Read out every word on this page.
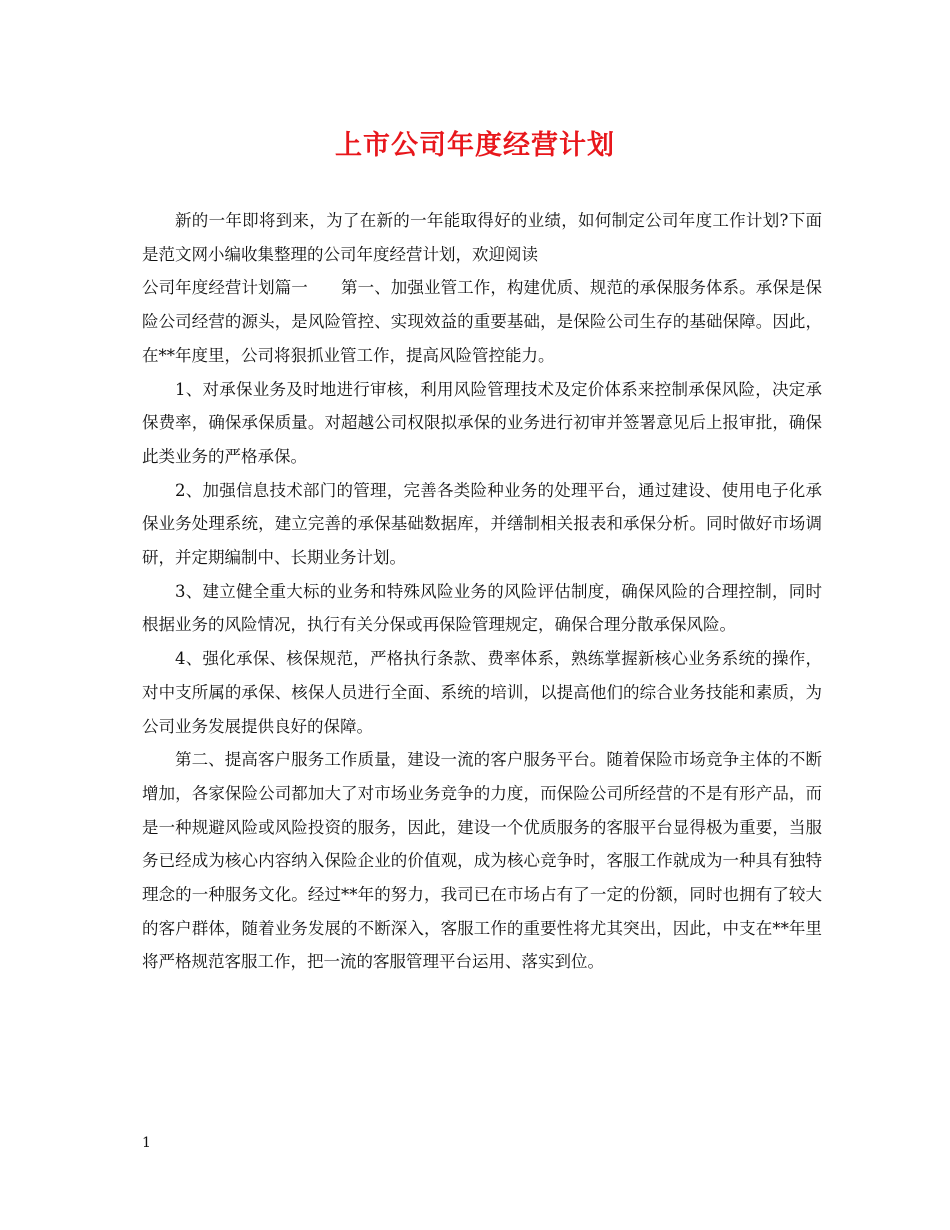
上市公司年度经营计划

新的一年即将到来，为了在新的一年能取得好的业绩，如何制定公司年度工作计划?下面是范文网小编收集整理的公司年度经营计划，欢迎阅读

公司年度经营计划篇一　　第一、加强业管工作，构建优质、规范的承保服务体系。承保是保险公司经营的源头，是风险管控、实现效益的重要基础，是保险公司生存的基础保障。因此，在**年度里，公司将狠抓业管工作，提高风险管控能力。

1、对承保业务及时地进行审核，利用风险管理技术及定价体系来控制承保风险，决定承保费率，确保承保质量。对超越公司权限拟承保的业务进行初审并签署意见后上报审批，确保此类业务的严格承保。

2、加强信息技术部门的管理，完善各类险种业务的处理平台，通过建设、使用电子化承保业务处理系统，建立完善的承保基础数据库，并缮制相关报表和承保分析。同时做好市场调研，并定期编制中、长期业务计划。

3、建立健全重大标的业务和特殊风险业务的风险评估制度，确保风险的合理控制，同时根据业务的风险情况，执行有关分保或再保险管理规定，确保合理分散承保风险。

4、强化承保、核保规范，严格执行条款、费率体系，熟练掌握新核心业务系统的操作，对中支所属的承保、核保人员进行全面、系统的培训，以提高他们的综合业务技能和素质，为公司业务发展提供良好的保障。

第二、提高客户服务工作质量，建设一流的客户服务平台。随着保险市场竞争主体的不断增加，各家保险公司都加大了对市场业务竞争的力度，而保险公司所经营的不是有形产品，而是一种规避风险或风险投资的服务，因此，建设一个优质服务的客服平台显得极为重要，当服务已经成为核心内容纳入保险企业的价值观，成为核心竞争时，客服工作就成为一种具有独特理念的一种服务文化。经过**年的努力，我司已在市场占有了一定的份额，同时也拥有了较大的客户群体，随着业务发展的不断深入，客服工作的重要性将尤其突出，因此，中支在**年里将严格规范客服工作，把一流的客服管理平台运用、落实到位。

1
